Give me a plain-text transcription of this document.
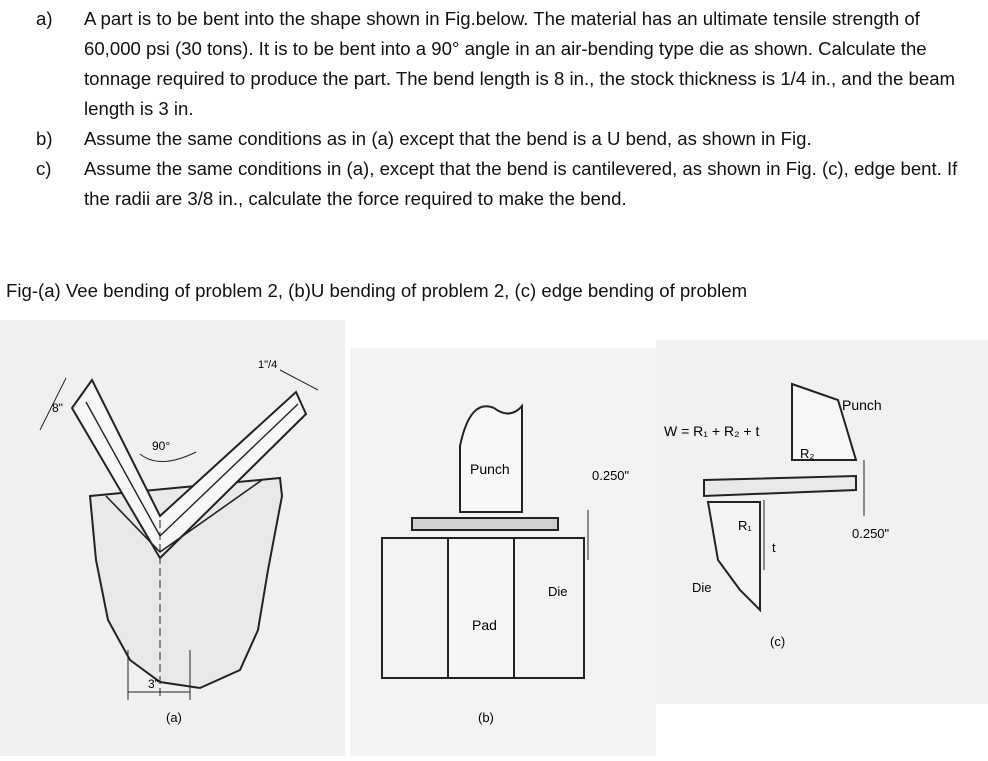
a)	A part is to be bent into the shape shown in Fig.below. The material has an ultimate tensile strength of 60,000 psi (30 tons). It is to be bent into a 90° angle in an air-bending type die as shown. Calculate the tonnage required to produce the part. The bend length is 8 in., the stock thickness is 1/4 in., and the beam length is 3 in.
b)	Assume the same conditions as in (a) except that the bend is a U bend, as shown in Fig.
c)	Assume the same conditions in (a), except that the bend is cantilevered, as shown in Fig. (c), edge bent. If the radii are 3/8 in., calculate the force required to make the bend.
Fig-(a) Vee bending of problem 2, (b)U bending of problem 2, (c) edge bending of problem
8"
1"/4
90°
3"
(a)
Punch	0.250"
Pad
Die
(b)
W = R₁ + R₂ + t
R₂
R₁
t
Punch
0.250"
Die
(c)
